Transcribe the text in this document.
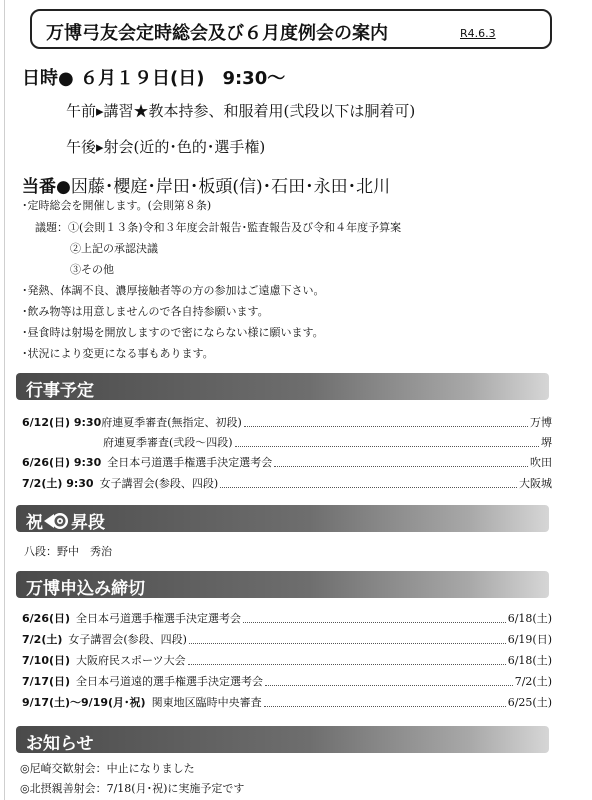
万博弓友会定時総会及び６月度例会の案内	R4.6.3
日時● ６月１９日(日)　9:30〜
午前▸講習★教本持参、和服着用(弐段以下は胴着可)
午後▸射会(近的･色的･選手権)
当番●因藤･櫻庭･岸田･板頭(信)･石田･永田･北川
･定時総会を開催します。(会則第８条)
議題：①(会則１３条)令和３年度会計報告･監査報告及び令和４年度予算案
②上記の承認決議
③その他
･発熱、体調不良、濃厚接触者等の方の参加はご遠慮下さい。
･飲み物等は用意しませんので各自持参願います。
･昼食時は射場を開放しますので密にならない様に願います。
･状況により変更になる事もあります。
行事予定
6/12(日) 9:30 府連夏季審査(無指定、初段)	万博
府連夏季審査(弐段〜四段)	堺
6/26(日) 9:30 全日本弓道選手権選手決定選考会	吹田
7/2(土) 9:30 女子講習会(参段、四段)	大阪城
祝 昇段
八段：野中　秀治
万博申込み締切
6/26(日) 全日本弓道選手権選手決定選考会	6/18(土)
7/2(土) 女子講習会(参段、四段)	6/19(日)
7/10(日) 大阪府民スポーツ大会	6/18(土)
7/17(日) 全日本弓道遠的選手権選手決定選考会	7/2(土)
9/17(土)〜9/19(月･祝) 関東地区臨時中央審査	6/25(土)
お知らせ
◎尼崎交歓射会：中止になりました
◎北摂親善射会：7/18(月･祝)に実施予定です
